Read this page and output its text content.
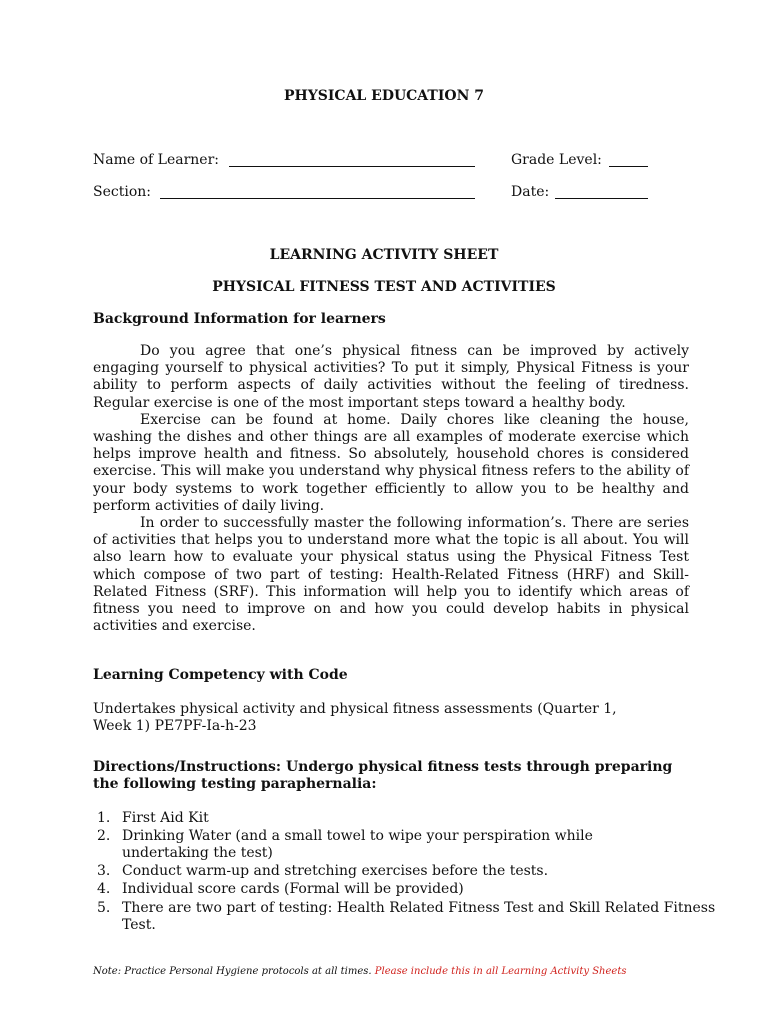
PHYSICAL EDUCATION 7
Name of Learner:	Grade Level:
Section:	Date:
LEARNING ACTIVITY SHEET
PHYSICAL FITNESS TEST AND ACTIVITIES
Background Information for learners
Do you agree that one’s physical fitness can be improved by actively engaging yourself to physical activities? To put it simply, Physical Fitness is your ability to perform aspects of daily activities without the feeling of tiredness. Regular exercise is one of the most important steps toward a healthy body.
Exercise can be found at home. Daily chores like cleaning the house, washing the dishes and other things are all examples of moderate exercise which helps improve health and fitness. So absolutely, household chores is considered exercise. This will make you understand why physical fitness refers to the ability of your body systems to work together efficiently to allow you to be healthy and perform activities of daily living.
In order to successfully master the following information’s. There are series of activities that helps you to understand more what the topic is all about. You will also learn how to evaluate your physical status using the Physical Fitness Test which compose of two part of testing: Health-Related Fitness (HRF) and Skill-Related Fitness (SRF). This information will help you to identify which areas of fitness you need to improve on and how you could develop habits in physical activities and exercise.
Learning Competency with Code
Undertakes physical activity and physical fitness assessments (Quarter 1,
Week 1) PE7PF-Ia-h-23
Directions/Instructions: Undergo physical fitness tests through preparing
the following testing paraphernalia:
1. First Aid Kit
2. Drinking Water (and a small towel to wipe your perspiration while undertaking the test)
3. Conduct warm-up and stretching exercises before the tests.
4. Individual score cards (Formal will be provided)
5. There are two part of testing: Health Related Fitness Test and Skill Related Fitness Test.
Note: Practice Personal Hygiene protocols at all times. Please include this in all Learning Activity Sheets
